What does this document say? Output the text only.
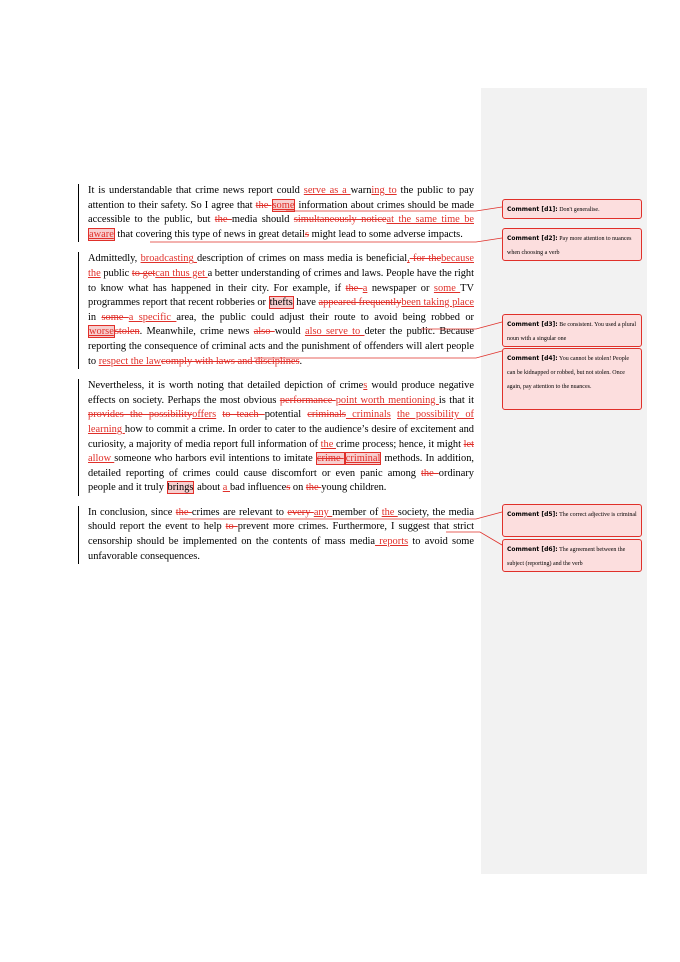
It is understandable that crime news report could serve as a warning to the public to pay attention to their safety. So I agree that the some information about crimes should be made accessible to the public, but the media should simultaneously noticeat the same time be aware that covering this type of news in great details might lead to some adverse impacts.
Admittedly, broadcasting description of crimes on mass media is beneficial, for thebecause the public to getcan thus get a better understanding of crimes and laws. People have the right to know what has happened in their city. For example, if the a newspaper or some TV programmes report that recent robberies or thefts have appeared frequentlybeen taking place in some a specific area, the public could adjust their route to avoid being robbed or worsestolen. Meanwhile, crime news also would also serve to deter the public. Because reporting the consequence of criminal acts and the punishment of offenders will alert people to respect the lawcomply with laws and disciplines.
Nevertheless, it is worth noting that detailed depiction of crimes would produce negative effects on society. Perhaps the most obvious performance point worth mentioning is that it provides the possibilityoffers to teach potential criminals criminals the possibility of learning how to commit a crime. In order to cater to the audience’s desire of excitement and curiosity, a majority of media report full information of the crime process; hence, it might let allow someone who harbors evil intentions to imitate crime criminal methods. In addition, detailed reporting of crimes could cause discomfort or even panic among the ordinary people and it truly brings about a bad influences on the young children.
In conclusion, since the crimes are relevant to every any member of the society, the media should report the event to help to prevent more crimes. Furthermore, I suggest that strict censorship should be implemented on the contents of mass media reports to avoid some unfavorable consequences.
Comment [d1]: Don't generalise.
Comment [d2]: Pay more attention to nuances when choosing a verb
Comment [d3]: Be consistent. You used a plural noun with a singular one
Comment [d4]: You cannot be stolen! People can be kidnapped or robbed, but not stolen. Once again, pay attention to the nuances.
Comment [d5]: The correct adjective is criminal
Comment [d6]: The agreement between the subject (reporting) and the verb
